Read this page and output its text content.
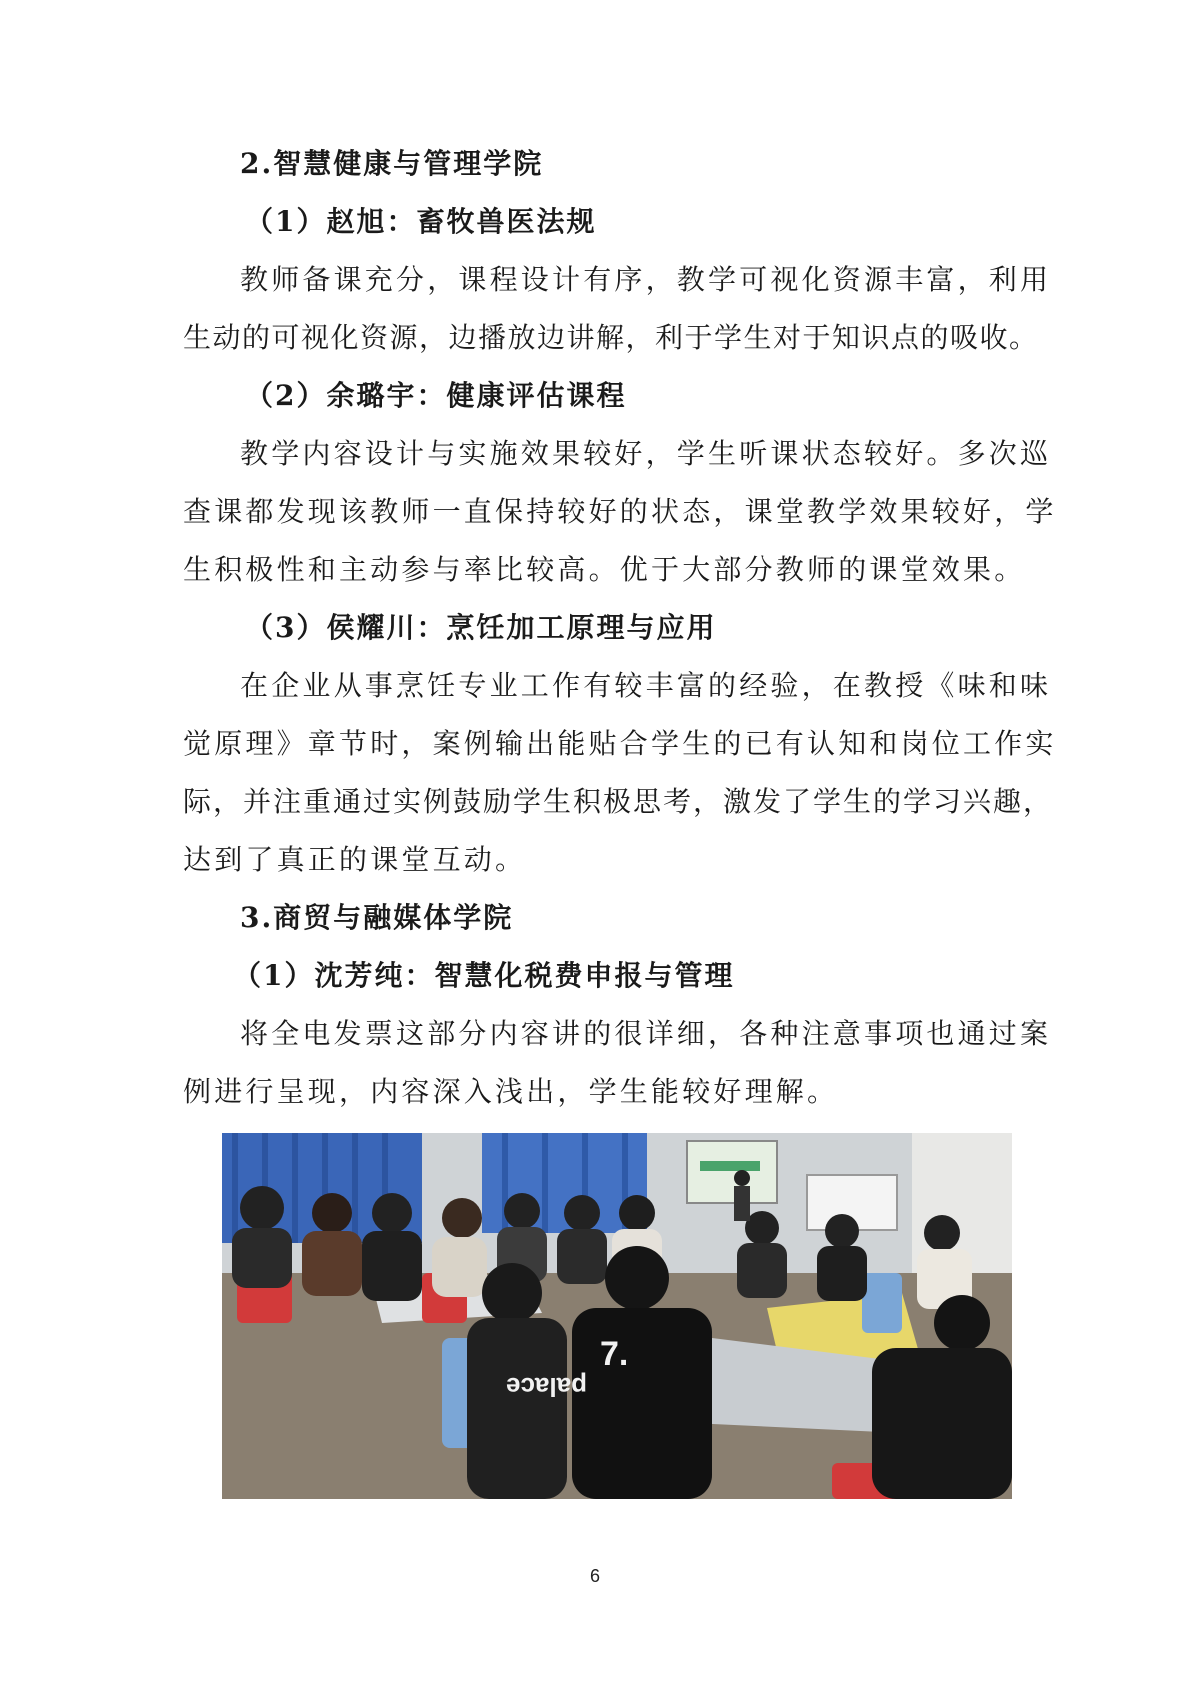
2.智慧健康与管理学院
（1）赵旭：畜牧兽医法规
教师备课充分，课程设计有序，教学可视化资源丰富，利用
生动的可视化资源，边播放边讲解，利于学生对于知识点的吸收。
（2）余璐宇：健康评估课程
教学内容设计与实施效果较好，学生听课状态较好。多次巡
查课都发现该教师一直保持较好的状态，课堂教学效果较好，学
生积极性和主动参与率比较高。优于大部分教师的课堂效果。
（3）侯耀川：烹饪加工原理与应用
在企业从事烹饪专业工作有较丰富的经验，在教授《味和味
觉原理》章节时，案例输出能贴合学生的已有认知和岗位工作实
际，并注重通过实例鼓励学生积极思考，激发了学生的学习兴趣，
达到了真正的课堂互动。
3.商贸与融媒体学院
（1）沈芳纯：智慧化税费申报与管理
将全电发票这部分内容讲的很详细，各种注意事项也通过案
例进行呈现，内容深入浅出，学生能较好理解。
7.
palace
6
